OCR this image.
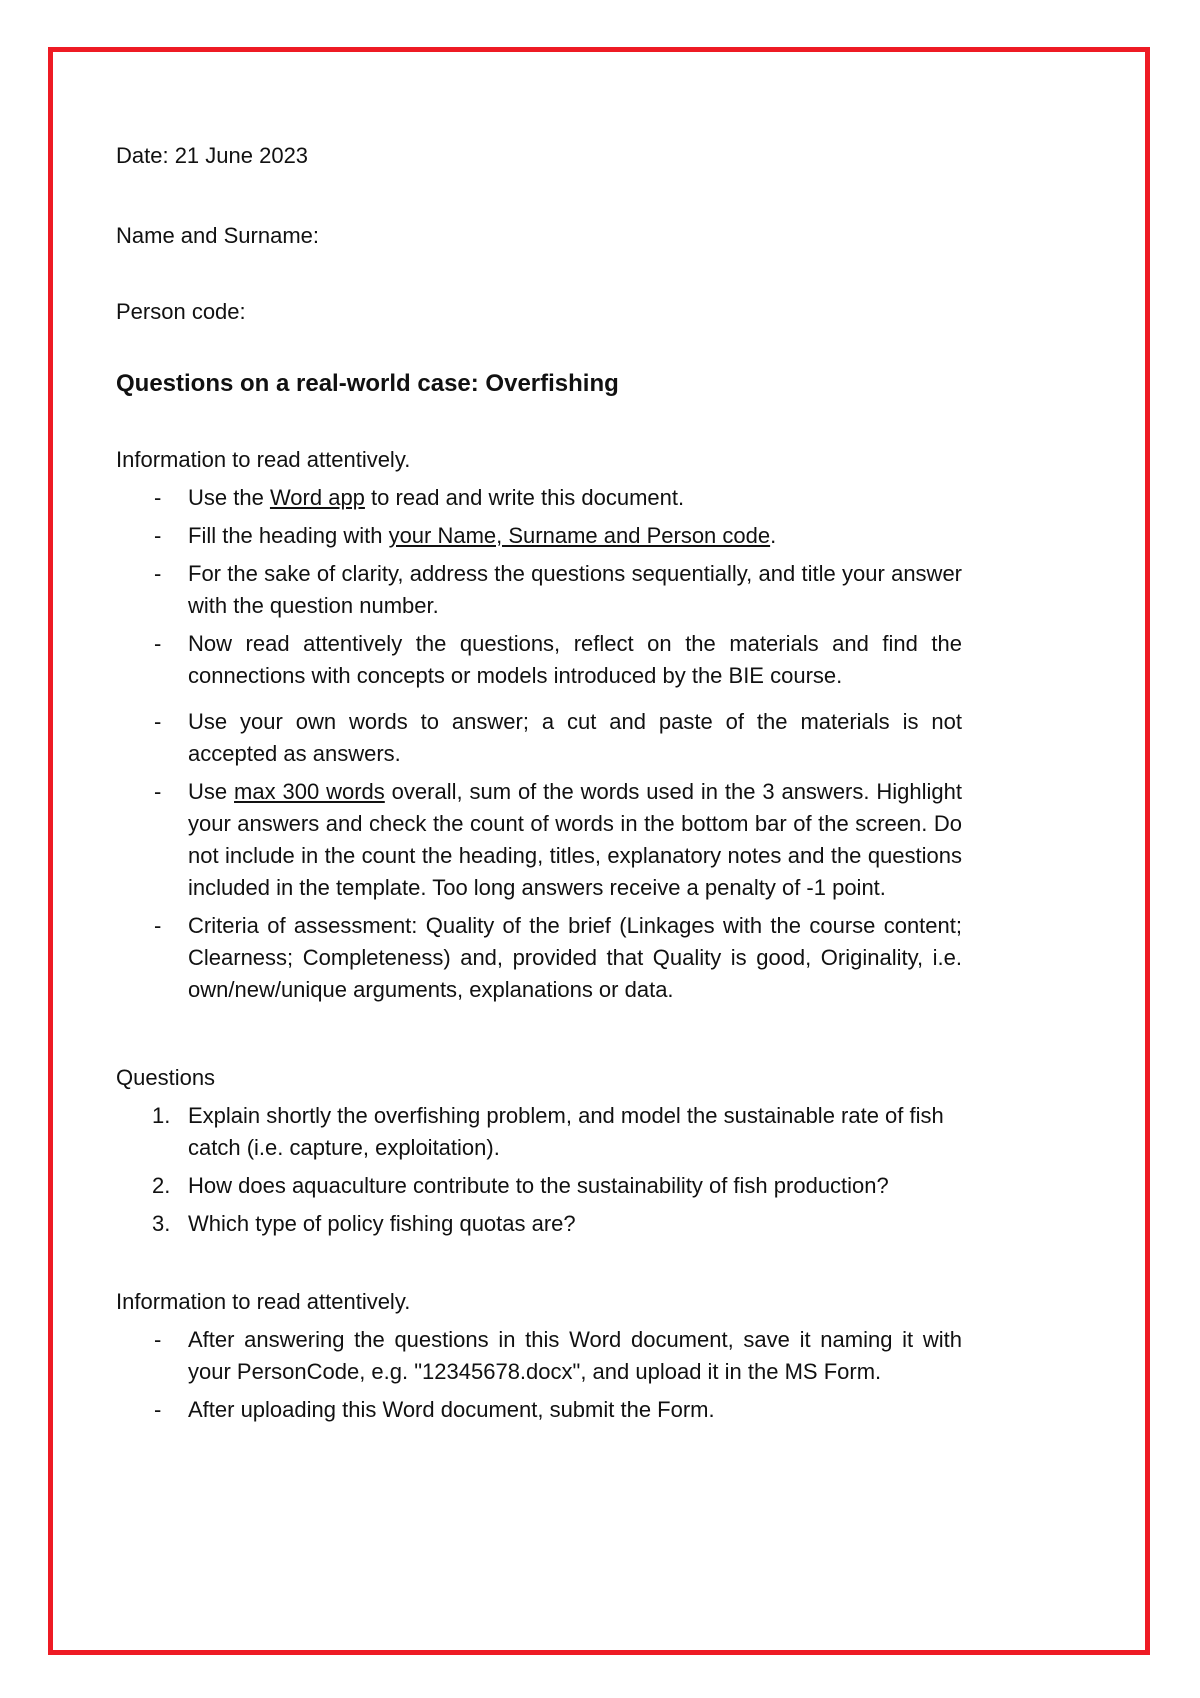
Date: 21 June 2023

Name and Surname:

Person code:

Questions on a real-world case: Overfishing

Information to read attentively.

- Use the Word app to read and write this document.
- Fill the heading with your Name, Surname and Person code.
- For the sake of clarity, address the questions sequentially, and title your answer with the question number.
- Now read attentively the questions, reflect on the materials and find the connections with concepts or models introduced by the BIE course.
- Use your own words to answer; a cut and paste of the materials is not accepted as answers.
- Use max 300 words overall, sum of the words used in the 3 answers. Highlight your answers and check the count of words in the bottom bar of the screen. Do not include in the count the heading, titles, explanatory notes and the questions included in the template. Too long answers receive a penalty of -1 point.
- Criteria of assessment: Quality of the brief (Linkages with the course content; Clearness; Completeness) and, provided that Quality is good, Originality, i.e. own/new/unique arguments, explanations or data.

Questions

1. Explain shortly the overfishing problem, and model the sustainable rate of fish catch (i.e. capture, exploitation).
2. How does aquaculture contribute to the sustainability of fish production?
3. Which type of policy fishing quotas are?

Information to read attentively.

- After answering the questions in this Word document, save it naming it with your PersonCode, e.g. "12345678.docx", and upload it in the MS Form.
- After uploading this Word document, submit the Form.
